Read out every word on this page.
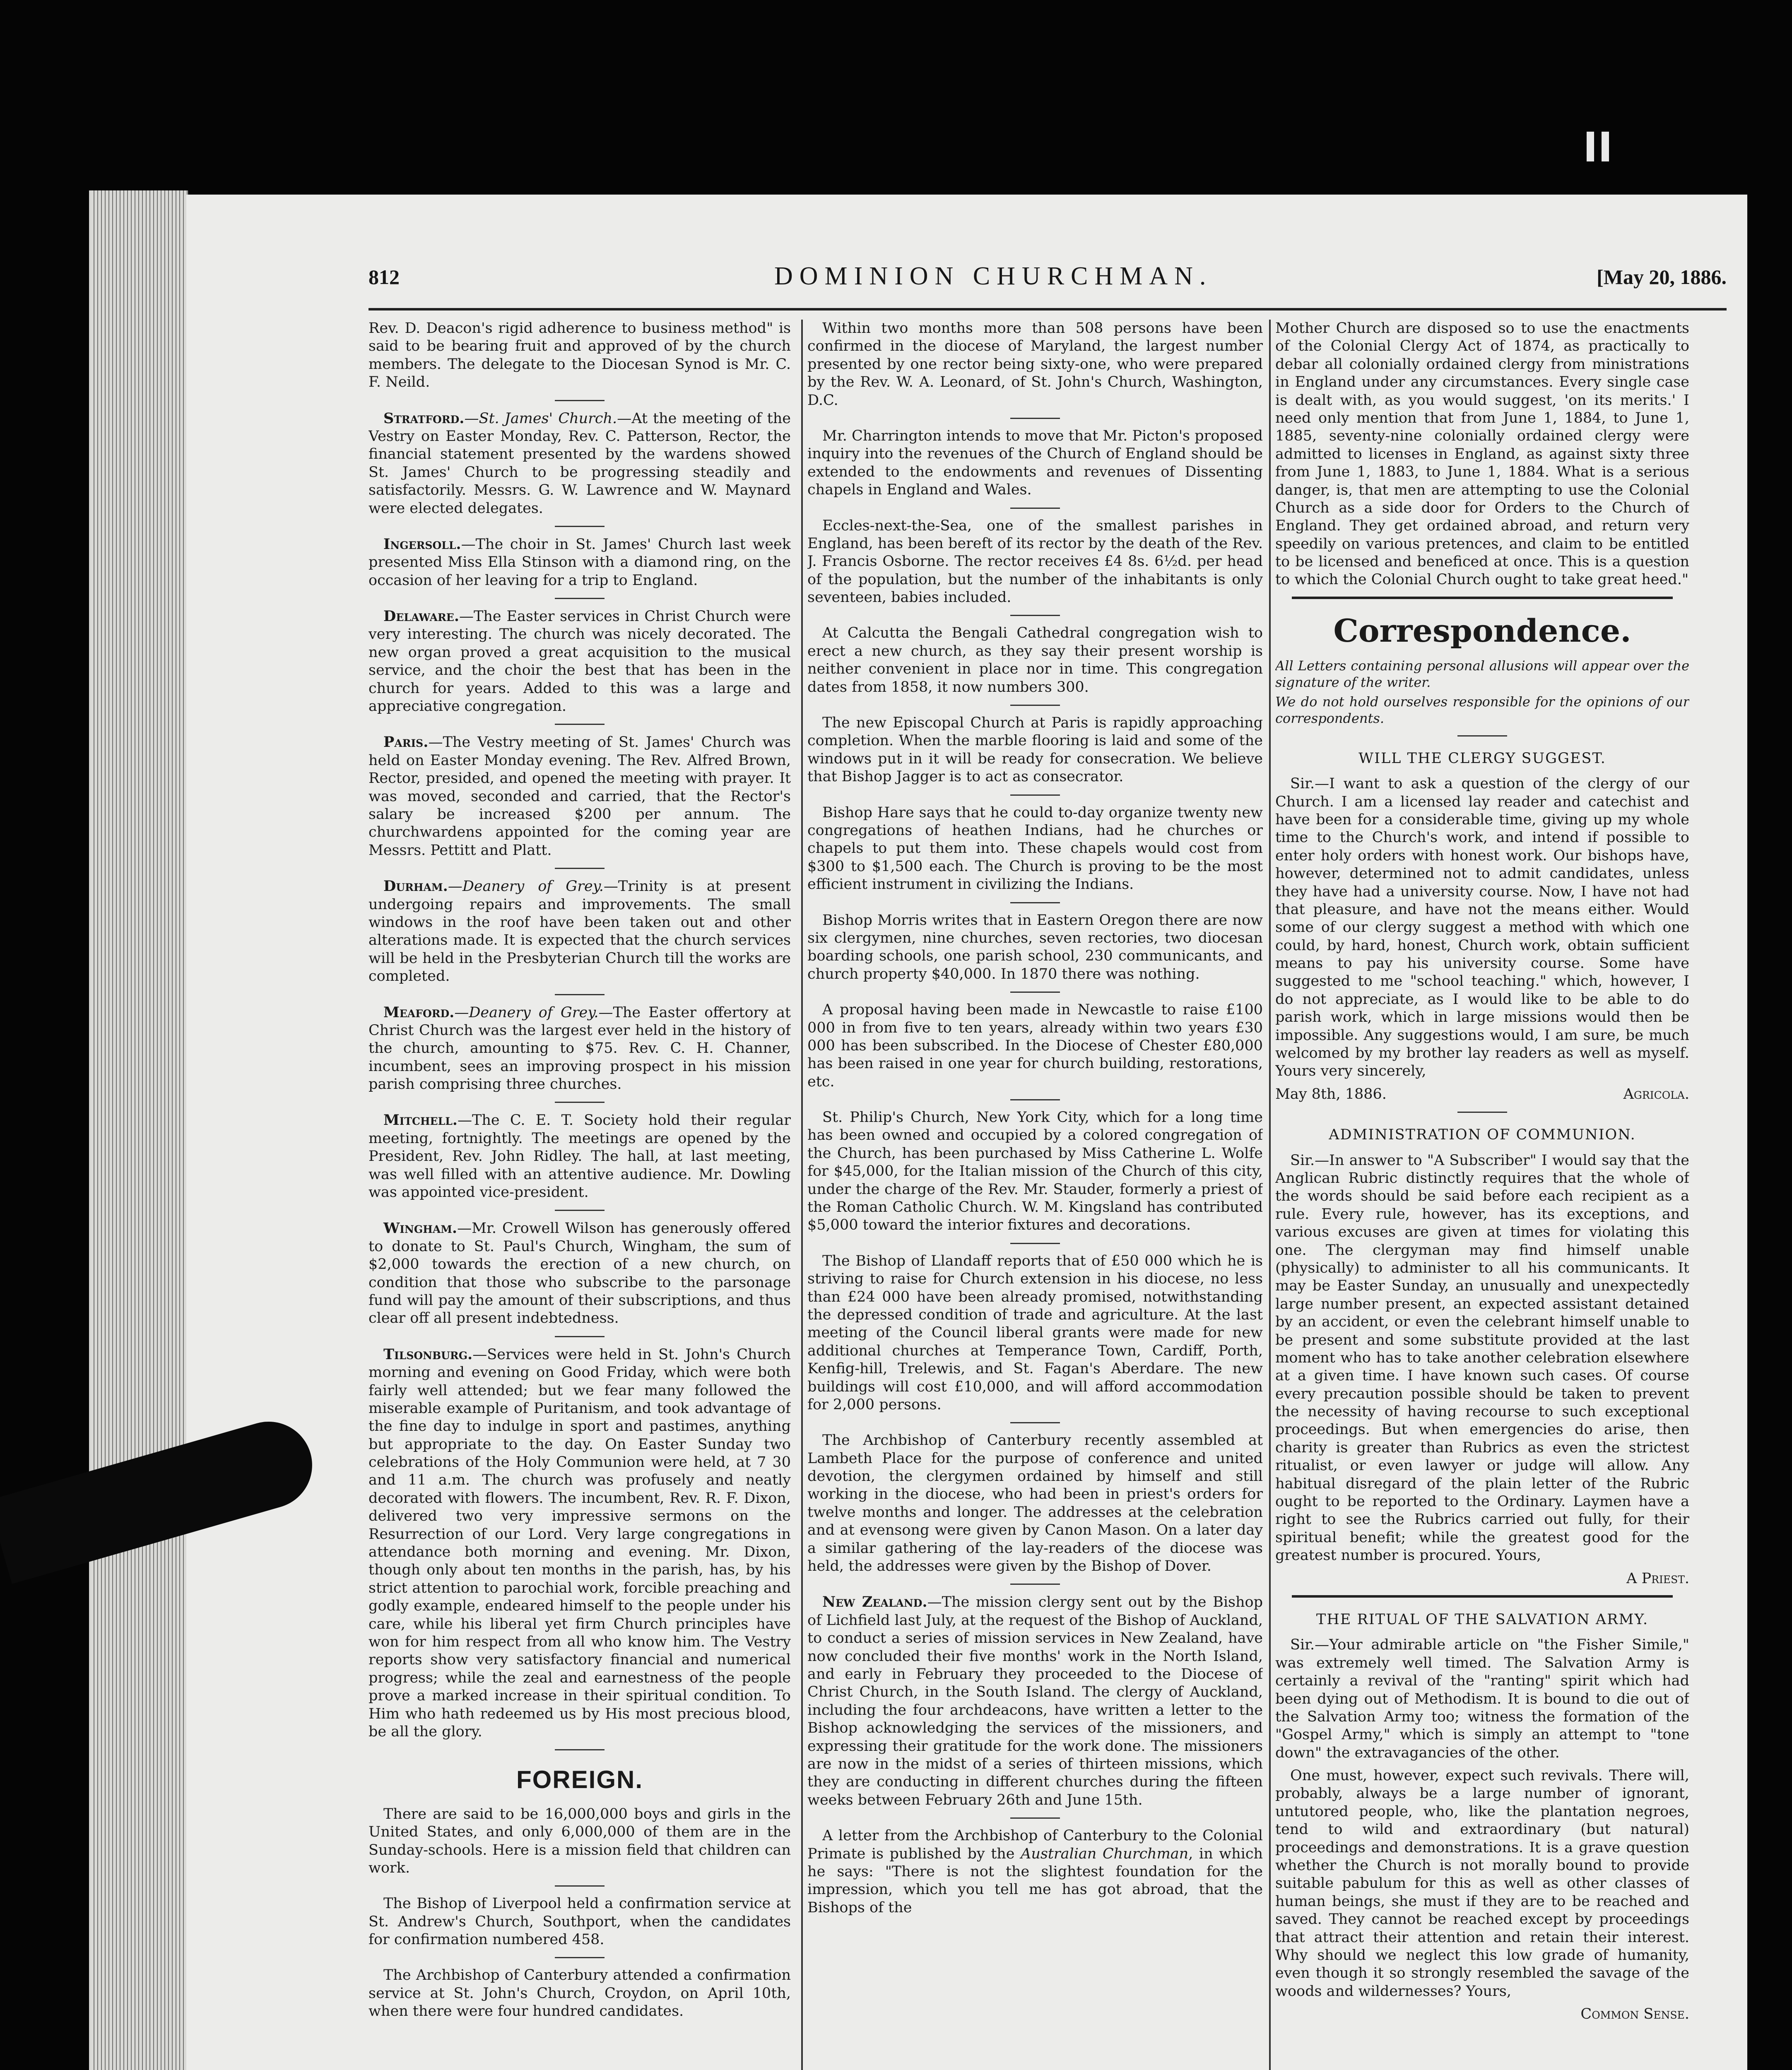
812	DOMINION CHURCHMAN.	[May 20, 1886.

Rev. D. Deacon's rigid adherence to business method" is said to be bearing fruit and approved of by the church members. The delegate to the Diocesan Synod is Mr. C. F. Neild.

Stratford.—St. James' Church.—At the meeting of the Vestry on Easter Monday, Rev. C. Patterson, Rector, the financial statement presented by the wardens showed St. James' Church to be progressing steadily and satisfactorily. Messrs. G. W. Lawrence and W. Maynard were elected delegates.

Ingersoll.—The choir in St. James' Church last week presented Miss Ella Stinson with a diamond ring, on the occasion of her leaving for a trip to England.

Delaware.—The Easter services in Christ Church were very interesting. The church was nicely decorated. The new organ proved a great acquisition to the musical service, and the choir the best that has been in the church for years. Added to this was a large and appreciative congregation.

Paris.—The Vestry meeting of St. James' Church was held on Easter Monday evening. The Rev. Alfred Brown, Rector, presided, and opened the meeting with prayer. It was moved, seconded and carried, that the Rector's salary be increased $200 per annum. The churchwardens appointed for the coming year are Messrs. Pettitt and Platt.

Durham.—Deanery of Grey.—Trinity is at present undergoing repairs and improvements. The small windows in the roof have been taken out and other alterations made. It is expected that the church services will be held in the Presbyterian Church till the works are completed.

Meaford.—Deanery of Grey.—The Easter offertory at Christ Church was the largest ever held in the history of the church, amounting to $75. Rev. C. H. Channer, incumbent, sees an improving prospect in his mission parish comprising three churches.

Mitchell.—The C. E. T. Society hold their regular meeting, fortnightly. The meetings are opened by the President, Rev. John Ridley. The hall, at last meeting, was well filled with an attentive audience. Mr. Dowling was appointed vice-president.

Wingham.—Mr. Crowell Wilson has generously offered to donate to St. Paul's Church, Wingham, the sum of $2,000 towards the erection of a new church, on condition that those who subscribe to the parsonage fund will pay the amount of their subscriptions, and thus clear off all present indebtedness.

Tilsonburg.—Services were held in St. John's Church morning and evening on Good Friday, which were both fairly well attended; but we fear many followed the miserable example of Puritanism, and took advantage of the fine day to indulge in sport and pastimes, anything but appropriate to the day. On Easter Sunday two celebrations of the Holy Communion were held, at 7 30 and 11 a.m. The church was profusely and neatly decorated with flowers. The incumbent, Rev. R. F. Dixon, delivered two very impressive sermons on the Resurrection of our Lord. Very large congregations in attendance both morning and evening. Mr. Dixon, though only about ten months in the parish, has, by his strict attention to parochial work, forcible preaching and godly example, endeared himself to the people under his care, while his liberal yet firm Church principles have won for him respect from all who know him. The Vestry reports show very satisfactory financial and numerical progress; while the zeal and earnestness of the people prove a marked increase in their spiritual condition. To Him who hath redeemed us by His most precious blood, be all the glory.

FOREIGN.

There are said to be 16,000,000 boys and girls in the United States, and only 6,000,000 of them are in the Sunday-schools. Here is a mission field that children can work.

The Bishop of Liverpool held a confirmation service at St. Andrew's Church, Southport, when the candidates for confirmation numbered 458.

The Archbishop of Canterbury attended a confirmation service at St. John's Church, Croydon, on April 10th, when there were four hundred candidates.

Within two months more than 508 persons have been confirmed in the diocese of Maryland, the largest number presented by one rector being sixty-one, who were prepared by the Rev. W. A. Leonard, of St. John's Church, Washington, D.C.

Mr. Charrington intends to move that Mr. Picton's proposed inquiry into the revenues of the Church of England should be extended to the endowments and revenues of Dissenting chapels in England and Wales.

Eccles-next-the-Sea, one of the smallest parishes in England, has been bereft of its rector by the death of the Rev. J. Francis Osborne. The rector receives £4 8s. 6½d. per head of the population, but the number of the inhabitants is only seventeen, babies included.

At Calcutta the Bengali Cathedral congregation wish to erect a new church, as they say their present worship is neither convenient in place nor in time. This congregation dates from 1858, it now numbers 300.

The new Episcopal Church at Paris is rapidly approaching completion. When the marble flooring is laid and some of the windows put in it will be ready for consecration. We believe that Bishop Jagger is to act as consecrator.

Bishop Hare says that he could to-day organize twenty new congregations of heathen Indians, had he churches or chapels to put them into. These chapels would cost from $300 to $1,500 each. The Church is proving to be the most efficient instrument in civilizing the Indians.

Bishop Morris writes that in Eastern Oregon there are now six clergymen, nine churches, seven rectories, two diocesan boarding schools, one parish school, 230 communicants, and church property $40,000. In 1870 there was nothing.

A proposal having been made in Newcastle to raise £100 000 in from five to ten years, already within two years £30 000 has been subscribed. In the Diocese of Chester £80,000 has been raised in one year for church building, restorations, etc.

St. Philip's Church, New York City, which for a long time has been owned and occupied by a colored congregation of the Church, has been purchased by Miss Catherine L. Wolfe for $45,000, for the Italian mission of the Church of this city, under the charge of the Rev. Mr. Stauder, formerly a priest of the Roman Catholic Church. W. M. Kingsland has contributed $5,000 toward the interior fixtures and decorations.

The Bishop of Llandaff reports that of £50 000 which he is striving to raise for Church extension in his diocese, no less than £24 000 have been already promised, notwithstanding the depressed condition of trade and agriculture. At the last meeting of the Council liberal grants were made for new additional churches at Temperance Town, Cardiff, Porth, Kenfig-hill, Trelewis, and St. Fagan's Aberdare. The new buildings will cost £10,000, and will afford accommodation for 2,000 persons.

The Archbishop of Canterbury recently assembled at Lambeth Place for the purpose of conference and united devotion, the clergymen ordained by himself and still working in the diocese, who had been in priest's orders for twelve months and longer. The addresses at the celebration and at evensong were given by Canon Mason. On a later day a similar gathering of the lay-readers of the diocese was held, the addresses were given by the Bishop of Dover.

New Zealand.—The mission clergy sent out by the Bishop of Lichfield last July, at the request of the Bishop of Auckland, to conduct a series of mission services in New Zealand, have now concluded their five months' work in the North Island, and early in February they proceeded to the Diocese of Christ Church, in the South Island. The clergy of Auckland, including the four archdeacons, have written a letter to the Bishop acknowledging the services of the missioners, and expressing their gratitude for the work done. The missioners are now in the midst of a series of thirteen missions, which they are conducting in different churches during the fifteen weeks between February 26th and June 15th.

A letter from the Archbishop of Canterbury to the Colonial Primate is published by the Australian Churchman, in which he says: "There is not the slightest foundation for the impression, which you tell me has got abroad, that the Bishops of the

Mother Church are disposed so to use the enactments of the Colonial Clergy Act of 1874, as practically to debar all colonially ordained clergy from ministrations in England under any circumstances. Every single case is dealt with, as you would suggest, 'on its merits.' I need only mention that from June 1, 1884, to June 1, 1885, seventy-nine colonially ordained clergy were admitted to licenses in England, as against sixty three from June 1, 1883, to June 1, 1884. What is a serious danger, is, that men are attempting to use the Colonial Church as a side door for Orders to the Church of England. They get ordained abroad, and return very speedily on various pretences, and claim to be entitled to be licensed and beneficed at once. This is a question to which the Colonial Church ought to take great heed."

Correspondence.

All Letters containing personal allusions will appear over the signature of the writer.

We do not hold ourselves responsible for the opinions of our correspondents.

WILL THE CLERGY SUGGEST.

Sir.—I want to ask a question of the clergy of our Church. I am a licensed lay reader and catechist and have been for a considerable time, giving up my whole time to the Church's work, and intend if possible to enter holy orders with honest work. Our bishops have, however, determined not to admit candidates, unless they have had a university course. Now, I have not had that pleasure, and have not the means either. Would some of our clergy suggest a method with which one could, by hard, honest, Church work, obtain sufficient means to pay his university course. Some have suggested to me "school teaching." which, however, I do not appreciate, as I would like to be able to do parish work, which in large missions would then be impossible. Any suggestions would, I am sure, be much welcomed by my brother lay readers as well as myself. Yours very sincerely,

May 8th, 1886.	Agricola.
ADMINISTRATION OF COMMUNION.

Sir.—In answer to "A Subscriber" I would say that the Anglican Rubric distinctly requires that the whole of the words should be said before each recipient as a rule. Every rule, however, has its exceptions, and various excuses are given at times for violating this one. The clergyman may find himself unable (physically) to administer to all his communicants. It may be Easter Sunday, an unusually and unexpectedly large number present, an expected assistant detained by an accident, or even the celebrant himself unable to be present and some substitute provided at the last moment who has to take another celebration elsewhere at a given time. I have known such cases. Of course every precaution possible should be taken to prevent the necessity of having recourse to such exceptional proceedings. But when emergencies do arise, then charity is greater than Rubrics as even the strictest ritualist, or even lawyer or judge will allow. Any habitual disregard of the plain letter of the Rubric ought to be reported to the Ordinary. Laymen have a right to see the Rubrics carried out fully, for their spiritual benefit; while the greatest good for the greatest number is procured. Yours,

A Priest.
THE RITUAL OF THE SALVATION ARMY.

Sir.—Your admirable article on "the Fisher Simile," was extremely well timed. The Salvation Army is certainly a revival of the "ranting" spirit which had been dying out of Methodism. It is bound to die out of the Salvation Army too; witness the formation of the "Gospel Army," which is simply an attempt to "tone down" the extravagancies of the other.

One must, however, expect such revivals. There will, probably, always be a large number of ignorant, untutored people, who, like the plantation negroes, tend to wild and extraordinary (but natural) proceedings and demonstrations. It is a grave question whether the Church is not morally bound to provide suitable pabulum for this as well as other classes of human beings, she must if they are to be reached and saved. They cannot be reached except by proceedings that attract their attention and retain their interest. Why should we neglect this low grade of humanity, even though it so strongly resembled the savage of the woods and wildernesses? Yours,

Common Sense.
